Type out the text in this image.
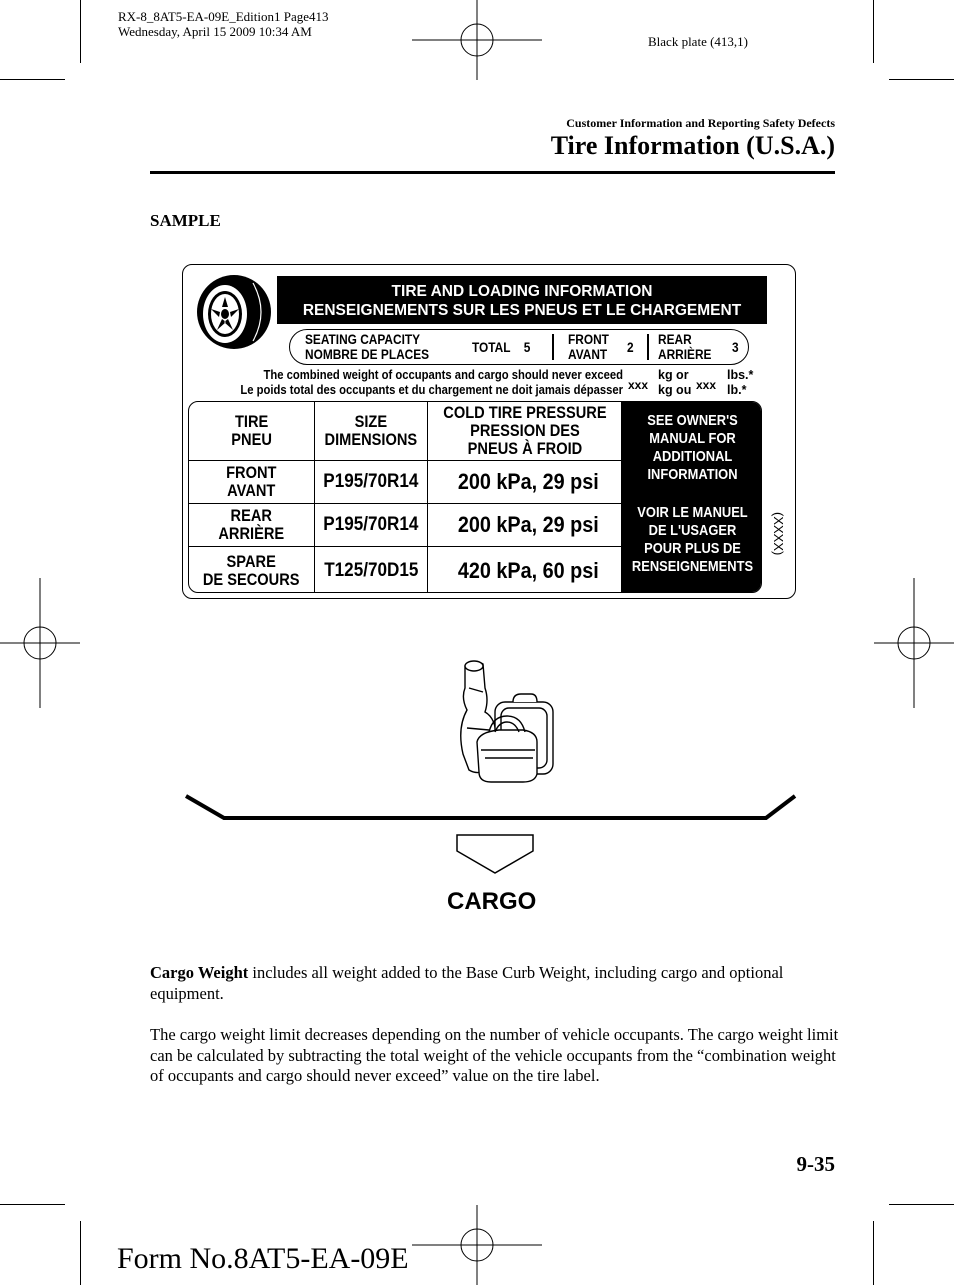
RX-8_8AT5-EA-09E_Edition1 Page413
Wednesday, April 15 2009 10:34 AM
Black plate (413,1)
Customer Information and Reporting Safety Defects
Tire Information (U.S.A.)
SAMPLE
TIRE AND LOADING INFORMATION
RENSEIGNEMENTS SUR LES PNEUS ET LE CHARGEMENT
SEATING CAPACITY
NOMBRE DE PLACES	TOTAL 5
FRONT
AVANT 2
REAR
ARRIÈRE 3
The combined weight of occupants and cargo should never exceed
Le poids total des occupants et du chargement ne doit jamais dépasser xxx
kg or
kg ou xxx
lbs.*
lb.*
TIRE
PNEU
SIZE
DIMENSIONS
COLD TIRE PRESSURE
PRESSION DES
PNEUS À FROID
FRONT
AVANT	P195/70R14 200 kPa, 29 psi
REAR
ARRIÈRE P195/70R14 200 kPa, 29 psi
SPARE
DE SECOURS T125/70D15 420 kPa, 60 psi
SEE OWNER'S
MANUAL FOR
ADDITIONAL
INFORMATION
VOIR LE MANUEL
DE L'USAGER
POUR PLUS DE
RENSEIGNEMENTS
(XXXX)
CARGO
Cargo Weight includes all weight added to the Base Curb Weight, including cargo and optional equipment.
The cargo weight limit decreases depending on the number of vehicle occupants. The cargo weight limit can be calculated by subtracting the total weight of the vehicle occupants from the “combination weight of occupants and cargo should never exceed” value on the tire label.
9-35
Form No.8AT5-EA-09E
